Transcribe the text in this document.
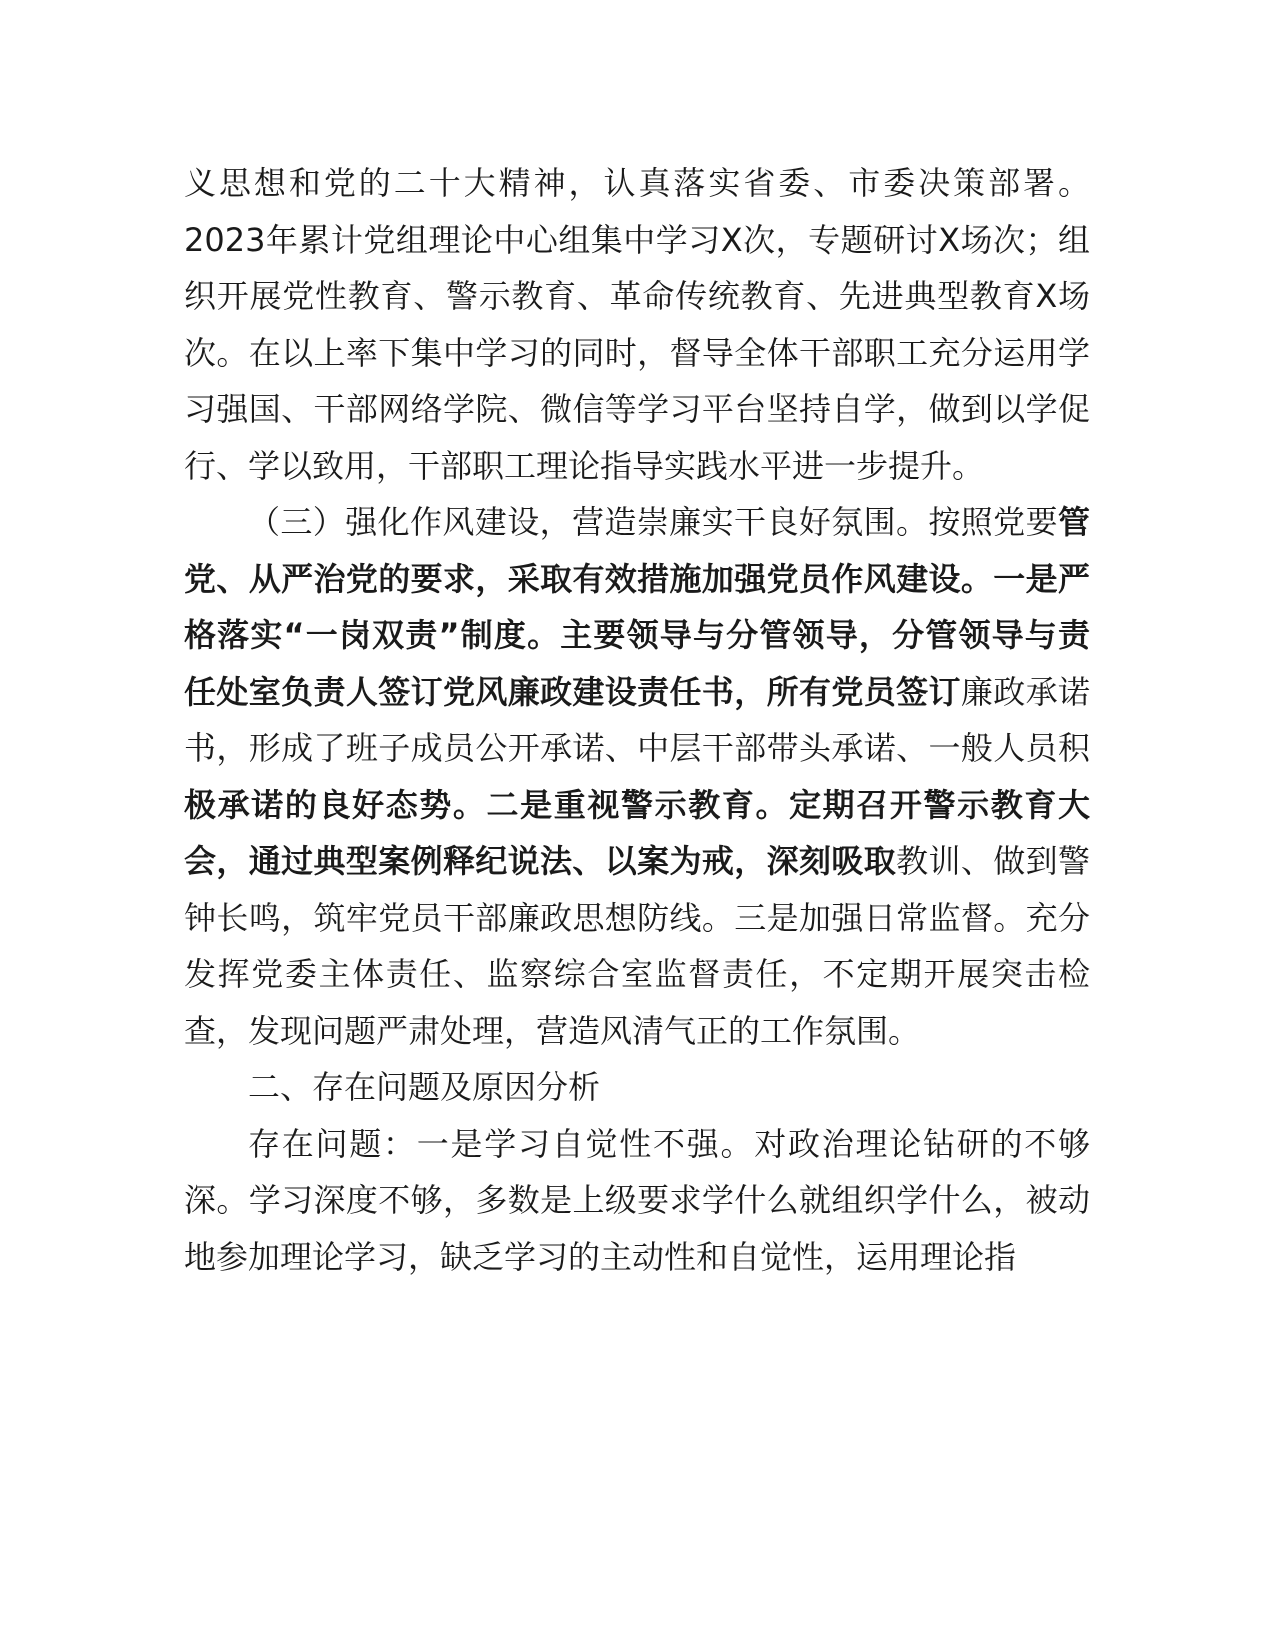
义思想和党的二十大精神，认真落实省委、市委决策部署。2023年累计党组理论中心组集中学习X次，专题研讨X场次；组织开展党性教育、警示教育、革命传统教育、先进典型教育X场次。在以上率下集中学习的同时，督导全体干部职工充分运用学习强国、干部网络学院、微信等学习平台坚持自学，做到以学促行、学以致用，干部职工理论指导实践水平进一步提升。

（三）强化作风建设，营造崇廉实干良好氛围。按照党要管党、从严治党的要求，采取有效措施加强党员作风建设。一是严格落实“一岗双责”制度。主要领导与分管领导，分管领导与责任处室负责人签订党风廉政建设责任书，所有党员签订廉政承诺书，形成了班子成员公开承诺、中层干部带头承诺、一般人员积极承诺的良好态势。二是重视警示教育。定期召开警示教育大会，通过典型案例释纪说法、以案为戒，深刻吸取教训、做到警钟长鸣，筑牢党员干部廉政思想防线。三是加强日常监督。充分发挥党委主体责任、监察综合室监督责任，不定期开展突击检查，发现问题严肃处理，营造风清气正的工作氛围。

二、存在问题及原因分析

存在问题：一是学习自觉性不强。对政治理论钻研的不够深。学习深度不够，多数是上级要求学什么就组织学什么，被动地参加理论学习，缺乏学习的主动性和自觉性，运用理论指
